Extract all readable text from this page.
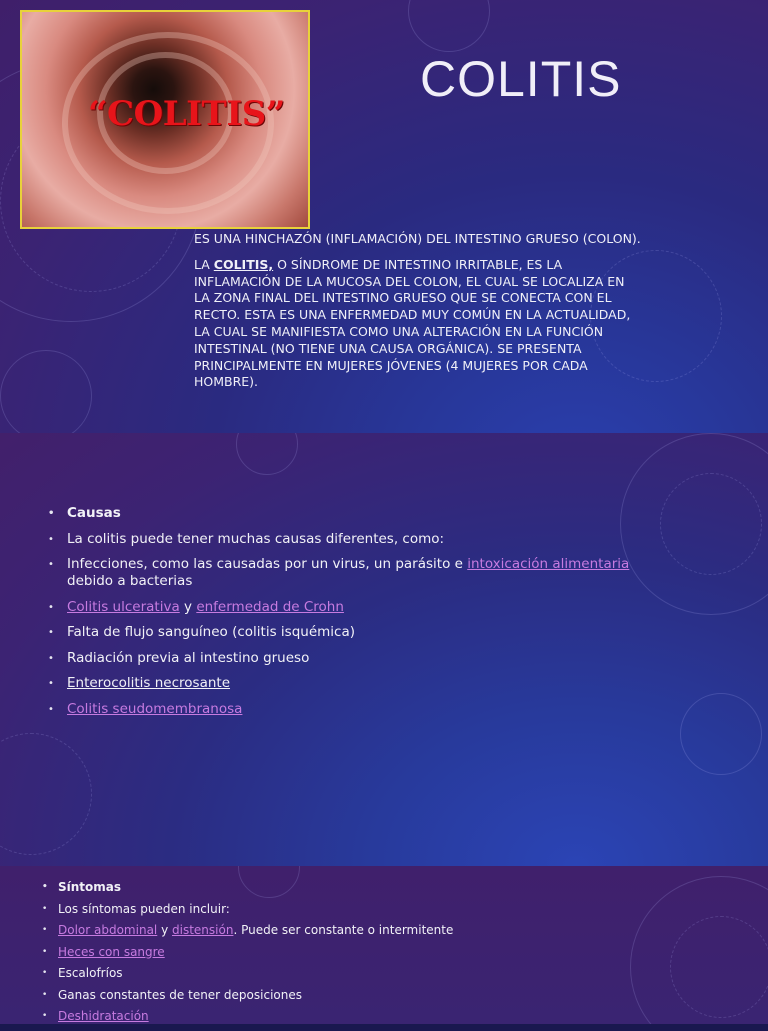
“COLITIS”
COLITIS

ES UNA HINCHAZÓN (INFLAMACIÓN) DEL INTESTINO GRUESO (COLON).

LA COLITIS, O SÍNDROME DE INTESTINO IRRITABLE, ES LA INFLAMACIÓN DE LA MUCOSA DEL COLON, EL CUAL SE LOCALIZA EN LA ZONA FINAL DEL INTESTINO GRUESO QUE SE CONECTA CON EL RECTO. ESTA ES UNA ENFERMEDAD MUY COMÚN EN LA ACTUALIDAD, LA CUAL SE MANIFIESTA COMO UNA ALTERACIÓN EN LA FUNCIÓN INTESTINAL (NO TIENE UNA CAUSA ORGÁNICA). SE PRESENTA PRINCIPALMENTE EN MUJERES JÓVENES (4 MUJERES POR CADA HOMBRE).

• Causas
• La colitis puede tener muchas causas diferentes, como:
• Infecciones, como las causadas por un virus, un parásito e intoxicación alimentaria
debido a bacterias
• Colitis ulcerativa y enfermedad de Crohn
• Falta de flujo sanguíneo (colitis isquémica)
• Radiación previa al intestino grueso
• Enterocolitis necrosante
• Colitis seudomembranosa
• Síntomas
• Los síntomas pueden incluir:
• Dolor abdominal y distensión. Puede ser constante o intermitente
• Heces con sangre
• Escalofríos
• Ganas constantes de tener deposiciones
• Deshidratación
